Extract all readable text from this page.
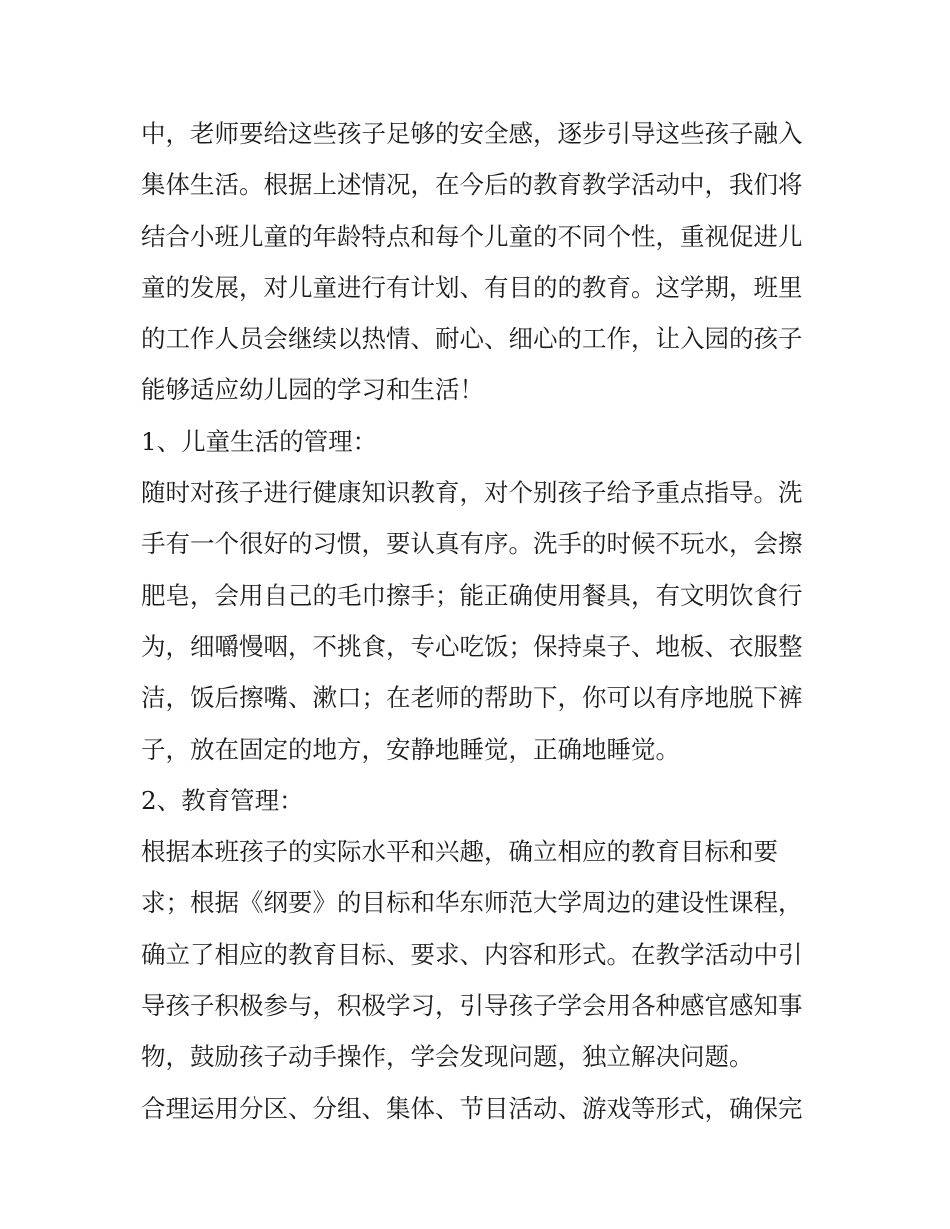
中，老师要给这些孩子足够的安全感，逐步引导这些孩子融入
集体生活。根据上述情况，在今后的教育教学活动中，我们将
结合小班儿童的年龄特点和每个儿童的不同个性，重视促进儿
童的发展，对儿童进行有计划、有目的的教育。这学期，班里
的工作人员会继续以热情、耐心、细心的工作，让入园的孩子
能够适应幼儿园的学习和生活！
1、儿童生活的管理：
随时对孩子进行健康知识教育，对个别孩子给予重点指导。洗
手有一个很好的习惯，要认真有序。洗手的时候不玩水，会擦
肥皂，会用自己的毛巾擦手；能正确使用餐具，有文明饮食行
为，细嚼慢咽，不挑食，专心吃饭；保持桌子、地板、衣服整
洁，饭后擦嘴、漱口；在老师的帮助下，你可以有序地脱下裤
子，放在固定的地方，安静地睡觉，正确地睡觉。
2、教育管理：
根据本班孩子的实际水平和兴趣，确立相应的教育目标和要
求；根据《纲要》的目标和华东师范大学周边的建设性课程，
确立了相应的教育目标、要求、内容和形式。在教学活动中引
导孩子积极参与，积极学习，引导孩子学会用各种感官感知事
物，鼓励孩子动手操作，学会发现问题，独立解决问题。
合理运用分区、分组、集体、节目活动、游戏等形式，确保完
